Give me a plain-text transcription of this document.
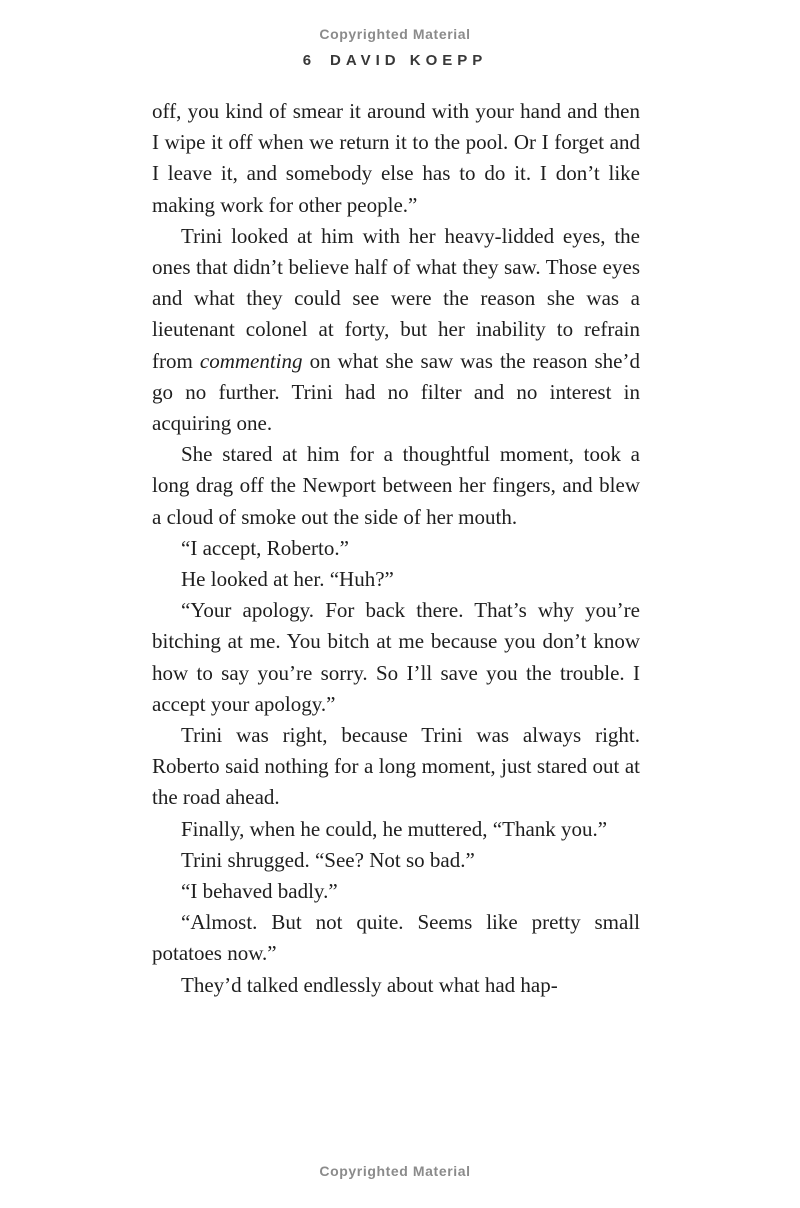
Copyrighted Material
6 DAVID KOEPP

off, you kind of smear it around with your hand and then I wipe it off when we return it to the pool. Or I forget and I leave it, and somebody else has to do it. I don’t like making work for other people.”

Trini looked at him with her heavy-lidded eyes, the ones that didn’t believe half of what they saw. Those eyes and what they could see were the reason she was a lieutenant colonel at forty, but her inability to refrain from commenting on what she saw was the reason she’d go no further. Trini had no filter and no interest in acquiring one.

She stared at him for a thoughtful moment, took a long drag off the Newport between her fingers, and blew a cloud of smoke out the side of her mouth.

“I accept, Roberto.”

He looked at her. “Huh?”

“Your apology. For back there. That’s why you’re bitching at me. You bitch at me because you don’t know how to say you’re sorry. So I’ll save you the trouble. I accept your apology.”

Trini was right, because Trini was always right. Roberto said nothing for a long moment, just stared out at the road ahead.

Finally, when he could, he muttered, “Thank you.”

Trini shrugged. “See? Not so bad.”

“I behaved badly.”

“Almost. But not quite. Seems like pretty small potatoes now.”

They’d talked endlessly about what had hap-

Copyrighted Material
